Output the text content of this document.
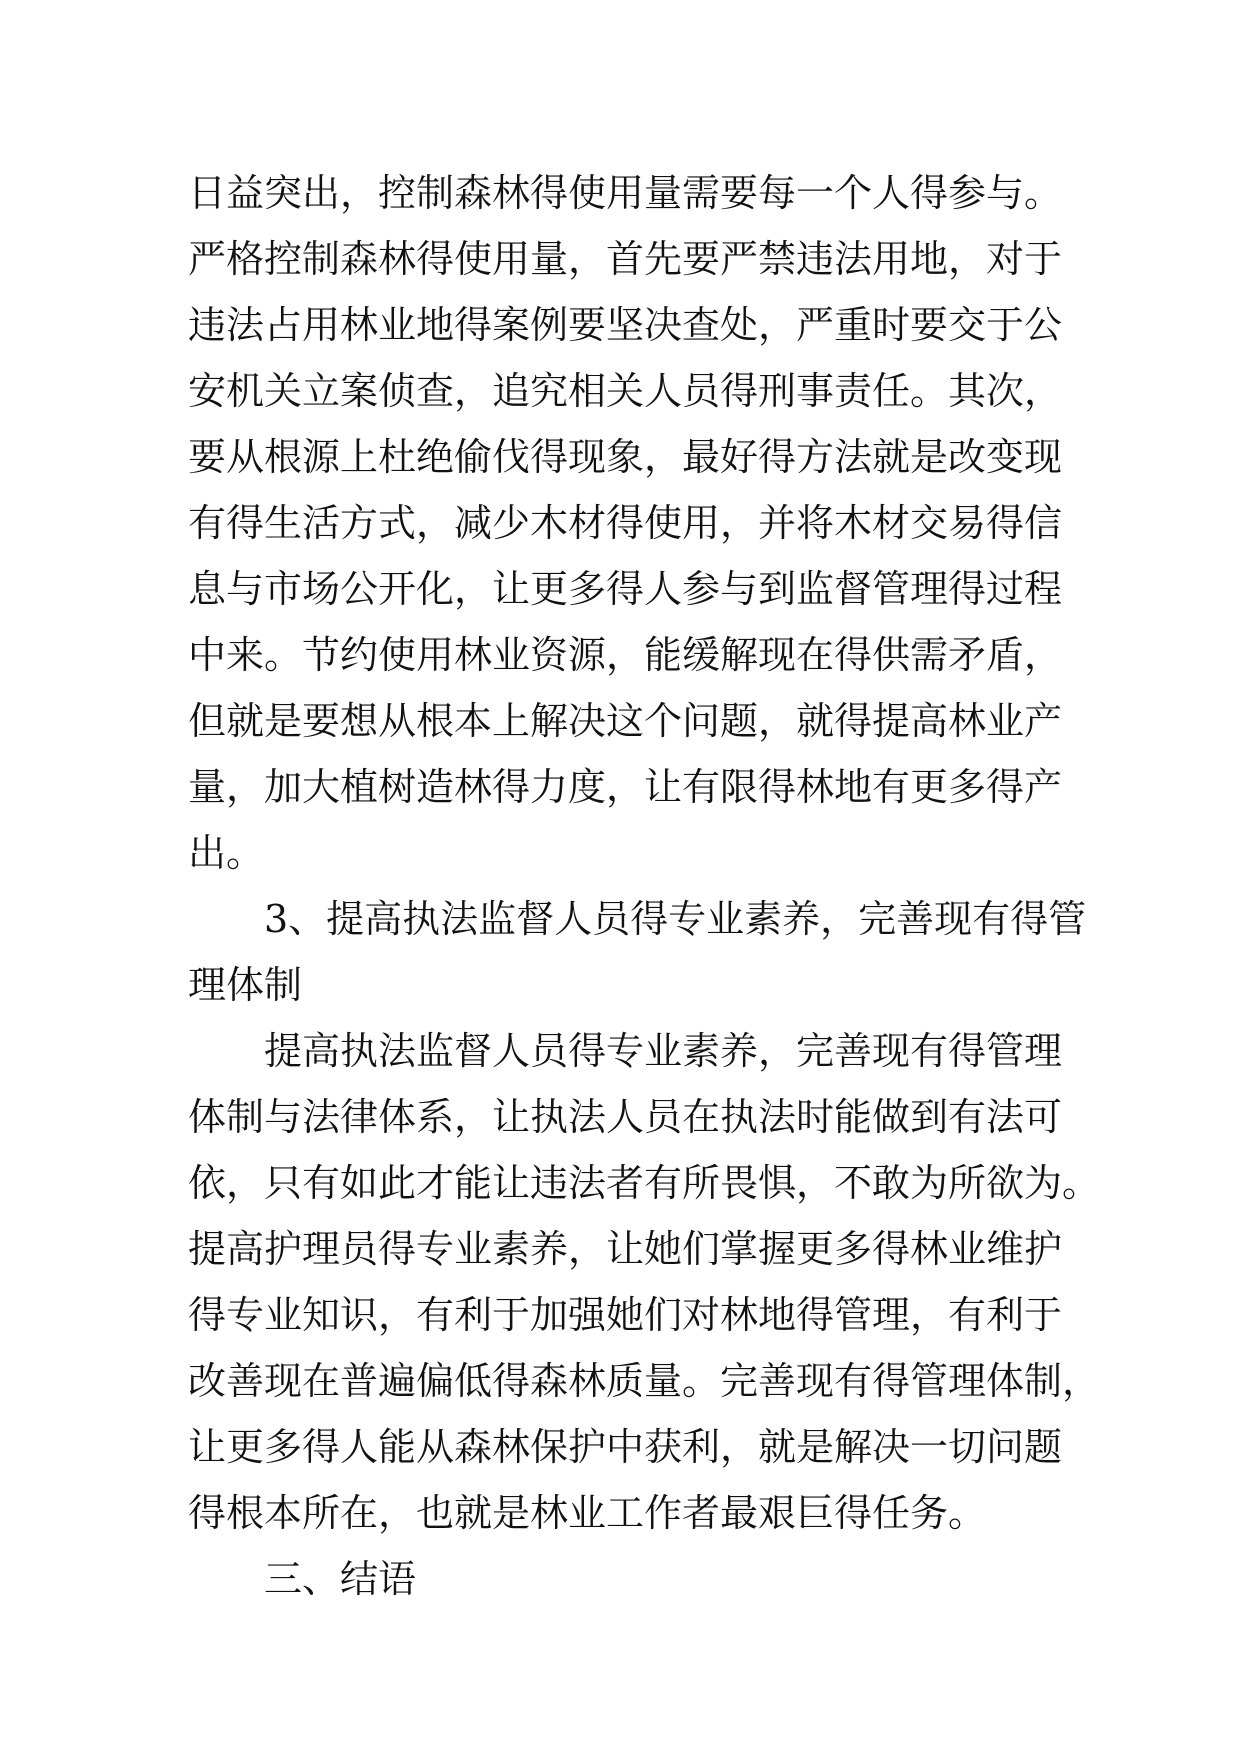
日益突出，控制森林得使用量需要每一个人得参与。
严格控制森林得使用量，首先要严禁违法用地，对于
违法占用林业地得案例要坚决查处，严重时要交于公
安机关立案侦查，追究相关人员得刑事责任。其次，
要从根源上杜绝偷伐得现象，最好得方法就是改变现
有得生活方式，减少木材得使用，并将木材交易得信
息与市场公开化，让更多得人参与到监督管理得过程
中来。节约使用林业资源，能缓解现在得供需矛盾，
但就是要想从根本上解决这个问题，就得提高林业产
量，加大植树造林得力度，让有限得林地有更多得产
出。
3、提高执法监督人员得专业素养，完善现有得管
理体制
提高执法监督人员得专业素养，完善现有得管理
体制与法律体系，让执法人员在执法时能做到有法可
依，只有如此才能让违法者有所畏惧，不敢为所欲为。
提高护理员得专业素养，让她们掌握更多得林业维护
得专业知识，有利于加强她们对林地得管理，有利于
改善现在普遍偏低得森林质量。完善现有得管理体制，
让更多得人能从森林保护中获利，就是解决一切问题
得根本所在，也就是林业工作者最艰巨得任务。
三、结语
